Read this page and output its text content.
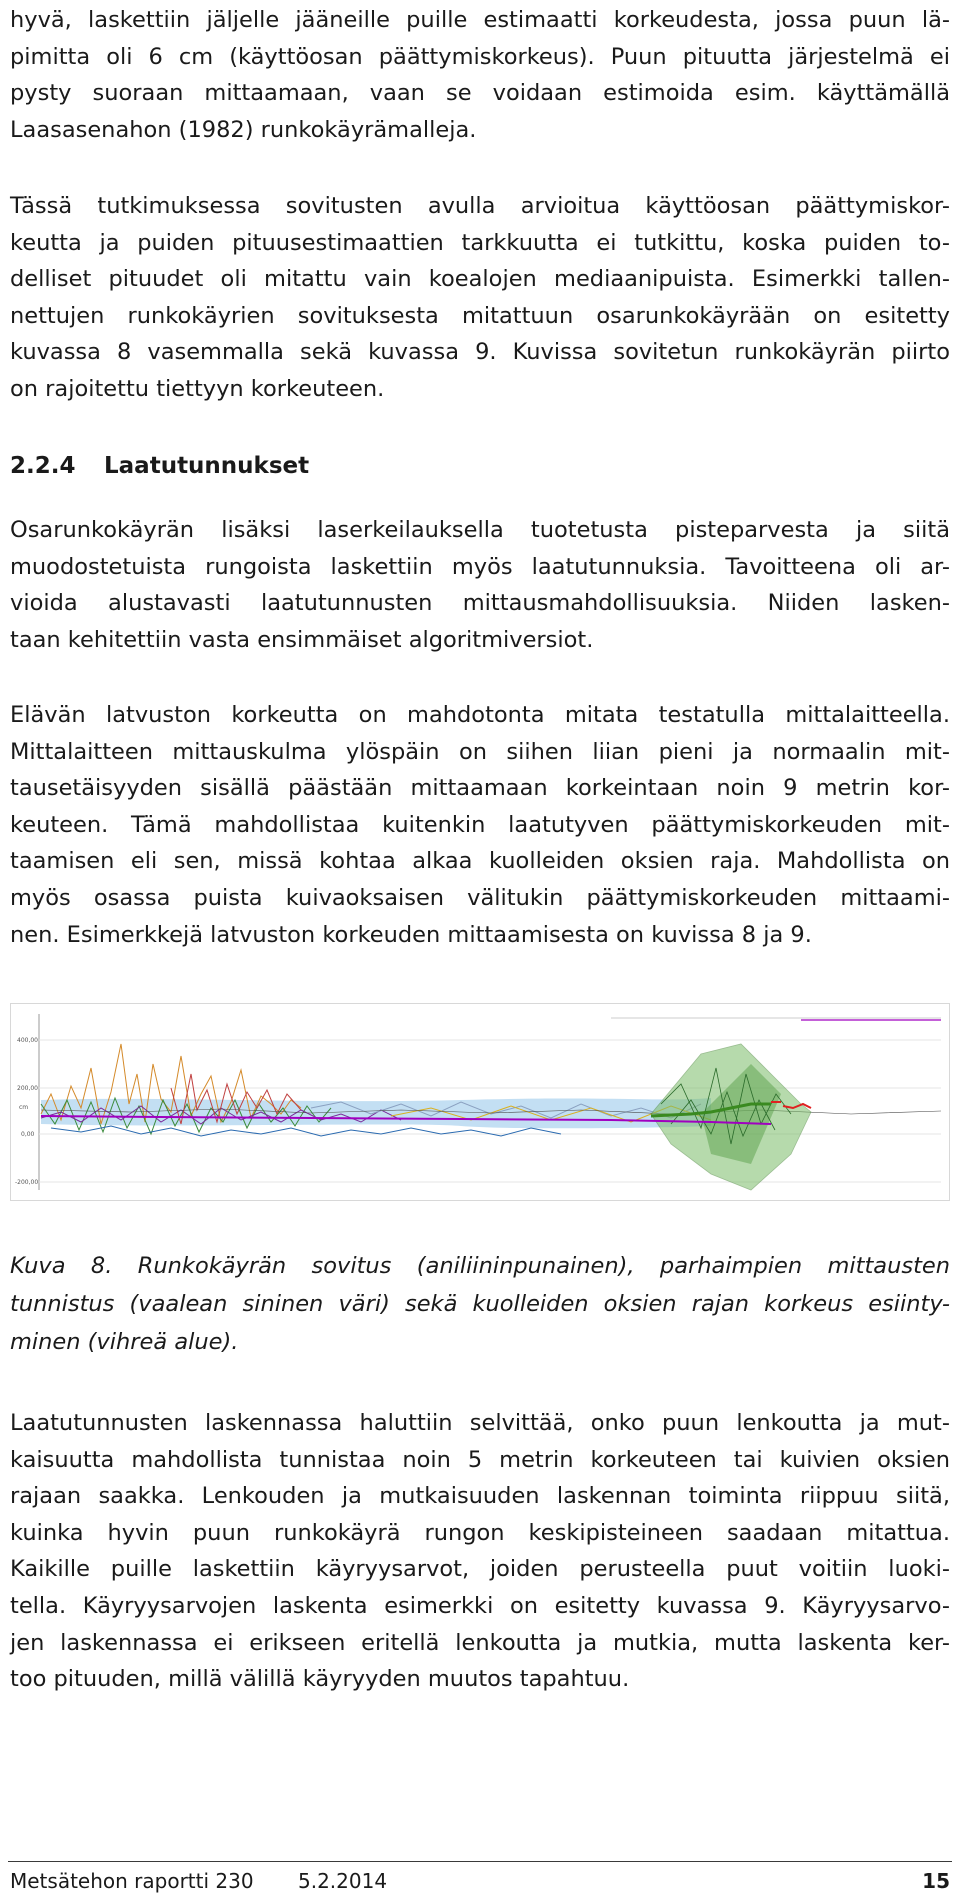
hyvä, laskettiin jäljelle jääneille puille estimaatti korkeudesta, jossa puun lä-
pimitta oli 6 cm (käyttöosan päättymiskorkeus). Puun pituutta järjestelmä ei
pysty suoraan mittaamaan, vaan se voidaan estimoida esim. käyttämällä
Laasasenahon (1982) runkokäyrämalleja.
Tässä tutkimuksessa sovitusten avulla arvioitua käyttöosan päättymiskor-
keutta ja puiden pituusestimaattien tarkkuutta ei tutkittu, koska puiden to-
delliset pituudet oli mitattu vain koealojen mediaanipuista. Esimerkki tallen-
nettujen runkokäyrien sovituksesta mitattuun osarunkokäyrään on esitetty
kuvassa 8 vasemmalla sekä kuvassa 9. Kuvissa sovitetun runkokäyrän piirto
on rajoitettu tiettyyn korkeuteen.
2.2.4 Laatutunnukset
Osarunkokäyrän lisäksi laserkeilauksella tuotetusta pisteparvesta ja siitä
muodostetuista rungoista laskettiin myös laatutunnuksia. Tavoitteena oli ar-
vioida alustavasti laatutunnusten mittausmahdollisuuksia. Niiden lasken-
taan kehitettiin vasta ensimmäiset algoritmiversiot.
Elävän latvuston korkeutta on mahdotonta mitata testatulla mittalaitteella.
Mittalaitteen mittauskulma ylöspäin on siihen liian pieni ja normaalin mit-
tausetäisyyden sisällä päästään mittaamaan korkeintaan noin 9 metrin kor-
keuteen. Tämä mahdollistaa kuitenkin laatutyven päättymiskorkeuden mit-
taamisen eli sen, missä kohtaa alkaa kuolleiden oksien raja. Mahdollista on
myös osassa puista kuivaoksaisen välitukin päättymiskorkeuden mittaami-
nen. Esimerkkejä latvuston korkeuden mittaamisesta on kuvissa 8 ja 9.
400,00
200,00
0,00
-200,00
cm
Kuva 8. Runkokäyrän sovitus (aniliininpunainen), parhaimpien mittausten
tunnistus (vaalean sininen väri) sekä kuolleiden oksien rajan korkeus esiinty-
minen (vihreä alue).
Laatutunnusten laskennassa haluttiin selvittää, onko puun lenkoutta ja mut-
kaisuutta mahdollista tunnistaa noin 5 metrin korkeuteen tai kuivien oksien
rajaan saakka. Lenkouden ja mutkaisuuden laskennan toiminta riippuu siitä,
kuinka hyvin puun runkokäyrä rungon keskipisteineen saadaan mitattua.
Kaikille puille laskettiin käyryysarvot, joiden perusteella puut voitiin luoki-
tella. Käyryysarvojen laskenta esimerkki on esitetty kuvassa 9. Käyryysarvo-
jen laskennassa ei erikseen eritellä lenkoutta ja mutkia, mutta laskenta ker-
too pituuden, millä välillä käyryyden muutos tapahtuu.
Metsätehon raportti 230 5.2.2014	15
